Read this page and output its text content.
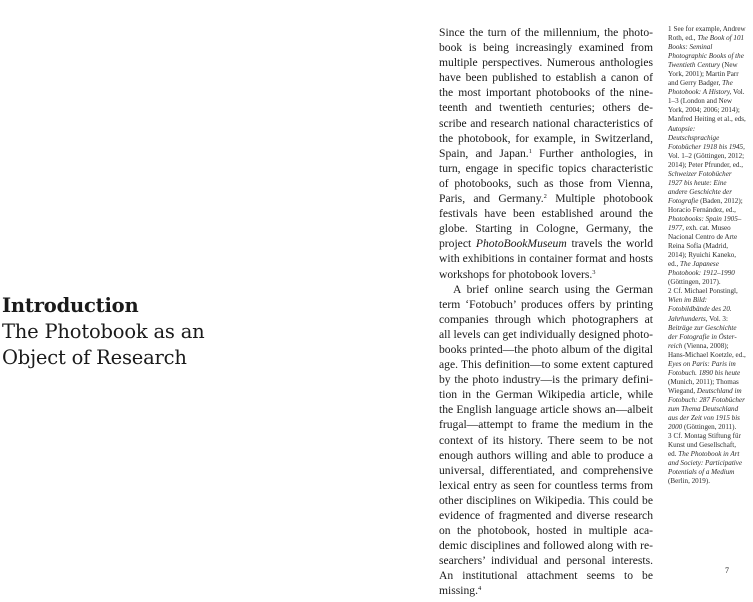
Introduction
The Photobook as an Object of Research

Since the turn of the millennium, the photobook is being increasingly examined from multiple perspectives. Numerous anthologies have been published to establish a canon of the most important photobooks of the nineteenth and twentieth centuries; others describe and research national characteristics of the photobook, for example, in Switzerland, Spain, and Japan.$^1$ Further anthologies, in turn, engage in specific topics characteristic of photobooks, such as those from Vienna, Paris, and Germany.$^2$ Multiple photobook festivals have been established around the globe. Starting in Cologne, Germany, the project PhotoBookMuseum travels the world with exhibitions in container format and hosts workshops for photobook lovers.$^3$

A brief online search using the German term ‘Fotobuch’ produces offers by printing companies through which photographers at all levels can get individually designed photobooks printed—the photo album of the digital age. This definition—to some extent captured by the photo industry—is the primary definition in the German Wikipedia article, while the English language article shows an—albeit frugal—attempt to frame the medium in the context of its history. There seem to be not enough authors willing and able to produce a universal, differentiated, and comprehensive lexical entry as seen for countless terms from other disciplines on Wikipedia. This could be evidence of fragmented and diverse research on the photobook, hosted in multiple academic disciplines and followed along with researchers’ individual and personal interests. An institutional attachment seems to be missing.$^4$

1 See for example, Andrew Roth, ed., The Book of 101 Books: Seminal Photographic Books of the Twentieth Century (New York, 2001); Martin Parr and Gerry Badger, The Photobook: A History, Vol. 1–3 (London and New York, 2004; 2006; 2014); Manfred Heiting et al., eds, Autopsie: Deutschsprachige Fotobücher 1918 bis 1945, Vol. 1–2 (Göttingen, 2012; 2014); Peter Pfrunder, ed., Schweizer Fotobücher 1927 bis heute: Eine andere Geschichte der Fotografie (Baden, 2012); Horacio Fernández, ed., Photobooks: Spain 1905–1977, exh. cat. Museo Nacional Centro de Arte Reina Sofía (Madrid, 2014); Ryuichi Kaneko, ed., The Japanese Photobook: 1912–1990 (Göttingen, 2017).

2 Cf. Michael Ponstingl, Wien im Bild: Fotobildbände des 20. Jahrhunderts, Vol. 3: Beiträge zur Geschichte der Fotografie in Österreich (Vienna, 2008); Hans-Michael Koetzle, ed., Eyes on Paris: Paris im Fotobuch. 1890 bis heute (Munich, 2011); Thomas Wiegand, Deutschland im Fotobuch: 287 Fotobücher zum Thema Deutschland aus der Zeit von 1915 bis 2000 (Göttingen, 2011).

3 Cf. Montag Stiftung für Kunst und Gesellschaft, ed. The Photobook in Art and Society: Participative Potentials of a Medium (Berlin, 2019).

7
